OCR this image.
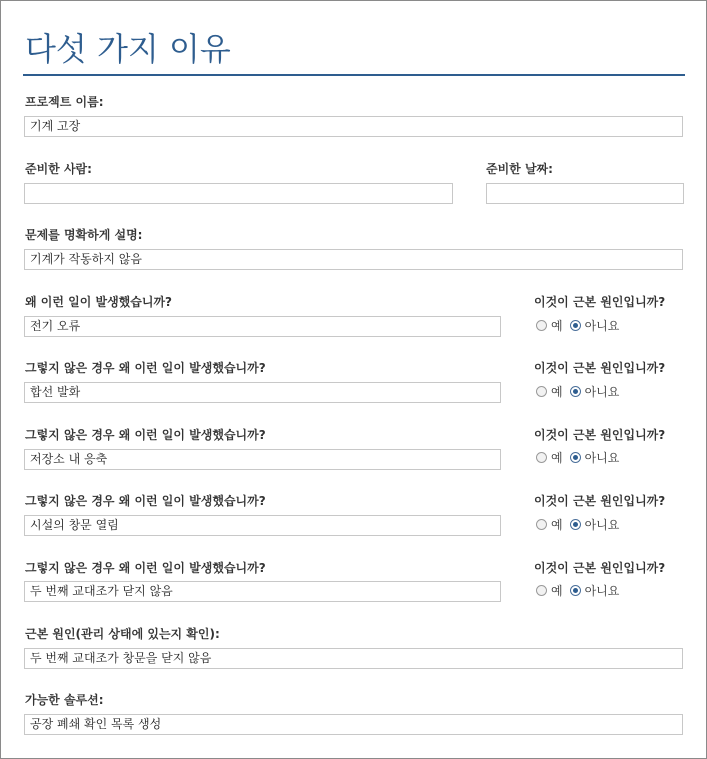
다섯 가지 이유
프로젝트 이름:
기계 고장
준비한 사람:	준비한 날짜:
문제를 명확하게 설명:
기계가 작동하지 않음
왜 이런 일이 발생했습니까?
전기 오류
이것이 근본 원인입니까?
예 아니요
그렇지 않은 경우 왜 이런 일이 발생했습니까?
합선 발화
이것이 근본 원인입니까?
예 아니요
그렇지 않은 경우 왜 이런 일이 발생했습니까?
저장소 내 응축
이것이 근본 원인입니까?
예 아니요
그렇지 않은 경우 왜 이런 일이 발생했습니까?
시설의 창문 열림
이것이 근본 원인입니까?
예 아니요
그렇지 않은 경우 왜 이런 일이 발생했습니까?
두 번째 교대조가 닫지 않음
이것이 근본 원인입니까?
예 아니요
근본 원인(관리 상태에 있는지 확인):
두 번째 교대조가 창문을 닫지 않음
가능한 솔루션:
공장 폐쇄 확인 목록 생성
